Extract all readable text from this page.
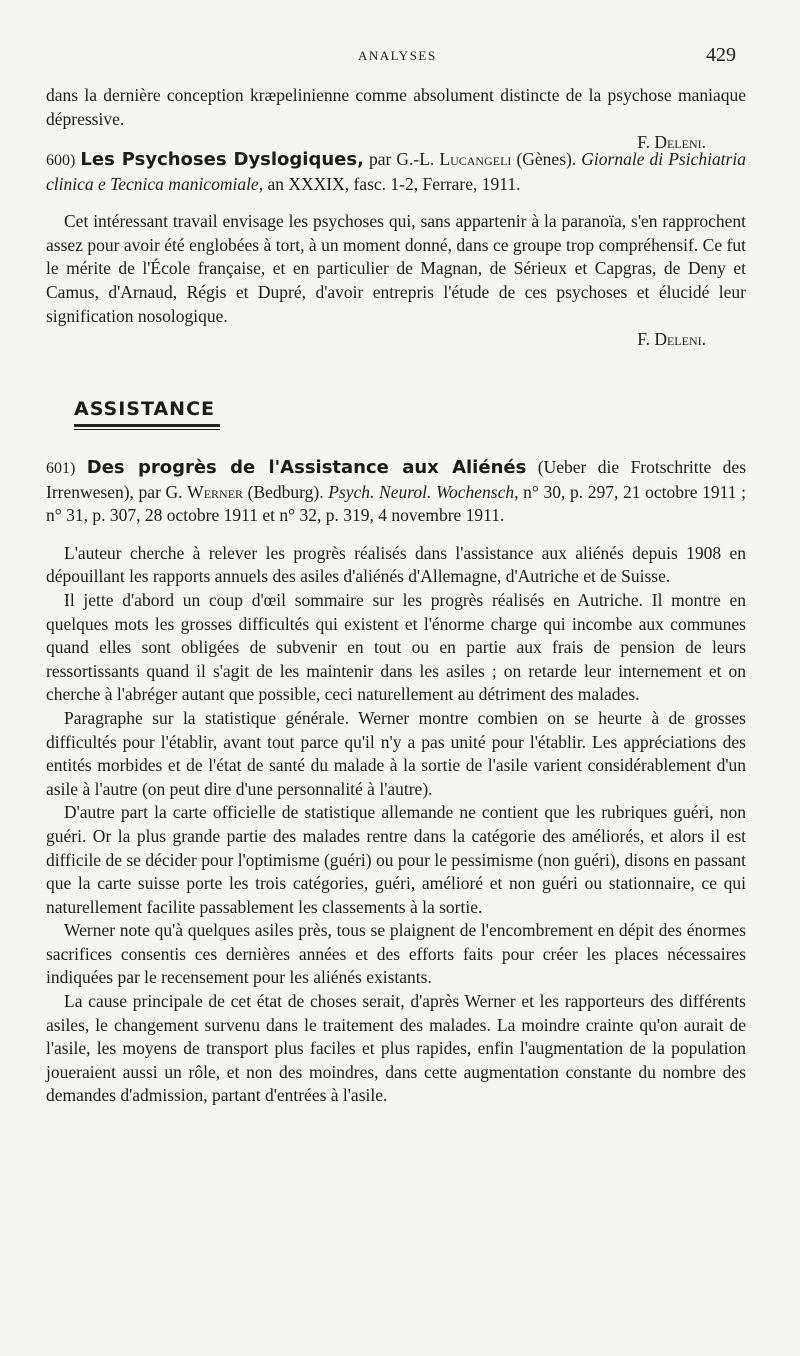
ANALYSES	429

dans la dernière conception kræpelinienne comme absolument distincte de la psychose maniaque dépressive.
F. Deleni.

600) Les Psychoses Dyslogiques, par G.-L. Lucangeli (Gènes). Giornale di Psichiatria clinica e Tecnica manicomiale, an XXXIX, fasc. 1-2, Ferrare, 1911.

Cet intéressant travail envisage les psychoses qui, sans appartenir à la paranoïa, s'en rapprochent assez pour avoir été englobées à tort, à un moment donné, dans ce groupe trop compréhensif. Ce fut le mérite de l'École française, et en particulier de Magnan, de Sérieux et Capgras, de Deny et Camus, d'Arnaud, Régis et Dupré, d'avoir entrepris l'étude de ces psychoses et élucidé leur signification nosologique.
F. Deleni.

ASSISTANCE

601) Des progrès de l'Assistance aux Aliénés (Ueber die Frotschritte des Irrenwesen), par G. Werner (Bedburg). Psych. Neurol. Wochensch, n° 30, p. 297, 21 octobre 1911 ; n° 31, p. 307, 28 octobre 1911 et n° 32, p. 319, 4 novembre 1911.

L'auteur cherche à relever les progrès réalisés dans l'assistance aux aliénés depuis 1908 en dépouillant les rapports annuels des asiles d'aliénés d'Allemagne, d'Autriche et de Suisse.

Il jette d'abord un coup d'œil sommaire sur les progrès réalisés en Autriche. Il montre en quelques mots les grosses difficultés qui existent et l'énorme charge qui incombe aux communes quand elles sont obligées de subvenir en tout ou en partie aux frais de pension de leurs ressortissants quand il s'agit de les maintenir dans les asiles ; on retarde leur internement et on cherche à l'abréger autant que possible, ceci naturellement au détriment des malades.

Paragraphe sur la statistique générale. Werner montre combien on se heurte à de grosses difficultés pour l'établir, avant tout parce qu'il n'y a pas unité pour l'établir. Les appréciations des entités morbides et de l'état de santé du malade à la sortie de l'asile varient considérablement d'un asile à l'autre (on peut dire d'une personnalité à l'autre).

D'autre part la carte officielle de statistique allemande ne contient que les rubriques guéri, non guéri. Or la plus grande partie des malades rentre dans la catégorie des améliorés, et alors il est difficile de se décider pour l'optimisme (guéri) ou pour le pessimisme (non guéri), disons en passant que la carte suisse porte les trois catégories, guéri, amélioré et non guéri ou stationnaire, ce qui naturellement facilite passablement les classements à la sortie.

Werner note qu'à quelques asiles près, tous se plaignent de l'encombrement en dépit des énormes sacrifices consentis ces dernières années et des efforts faits pour créer les places nécessaires indiquées par le recensement pour les aliénés existants.

La cause principale de cet état de choses serait, d'après Werner et les rapporteurs des différents asiles, le changement survenu dans le traitement des malades. La moindre crainte qu'on aurait de l'asile, les moyens de transport plus faciles et plus rapides, enfin l'augmentation de la population joueraient aussi un rôle, et non des moindres, dans cette augmentation constante du nombre des demandes d'admission, partant d'entrées à l'asile.
